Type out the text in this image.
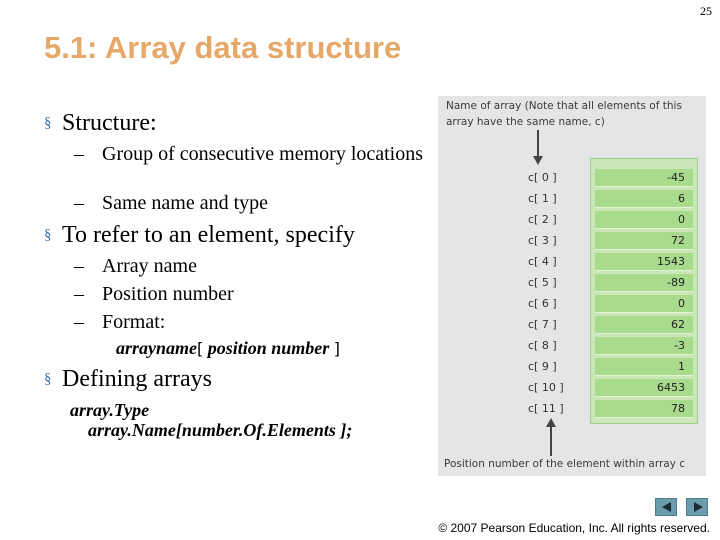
25
5.1: Array data structure
§ Structure:
– Group of consecutive memory locations
– Same name and type
§ To refer to an element, specify
– Array name
– Position number
– Format:
arrayname[ position number ]
§ Defining arrays
array.Type
array.Name[number.Of.Elements ];
Name of array (Note that all elements of this array have the same name, c)
-45
6
0
72
1543
-89
0
62
-3
1
6453
78
c[ 0 ]
c[ 1 ]
c[ 2 ]
c[ 3 ]
c[ 4 ]
c[ 5 ]
c[ 6 ]
c[ 7 ]
c[ 8 ]
c[ 9 ]
c[ 10 ]
c[ 11 ]
Position number of the element within array c
© 2007 Pearson Education, Inc. All rights reserved.
